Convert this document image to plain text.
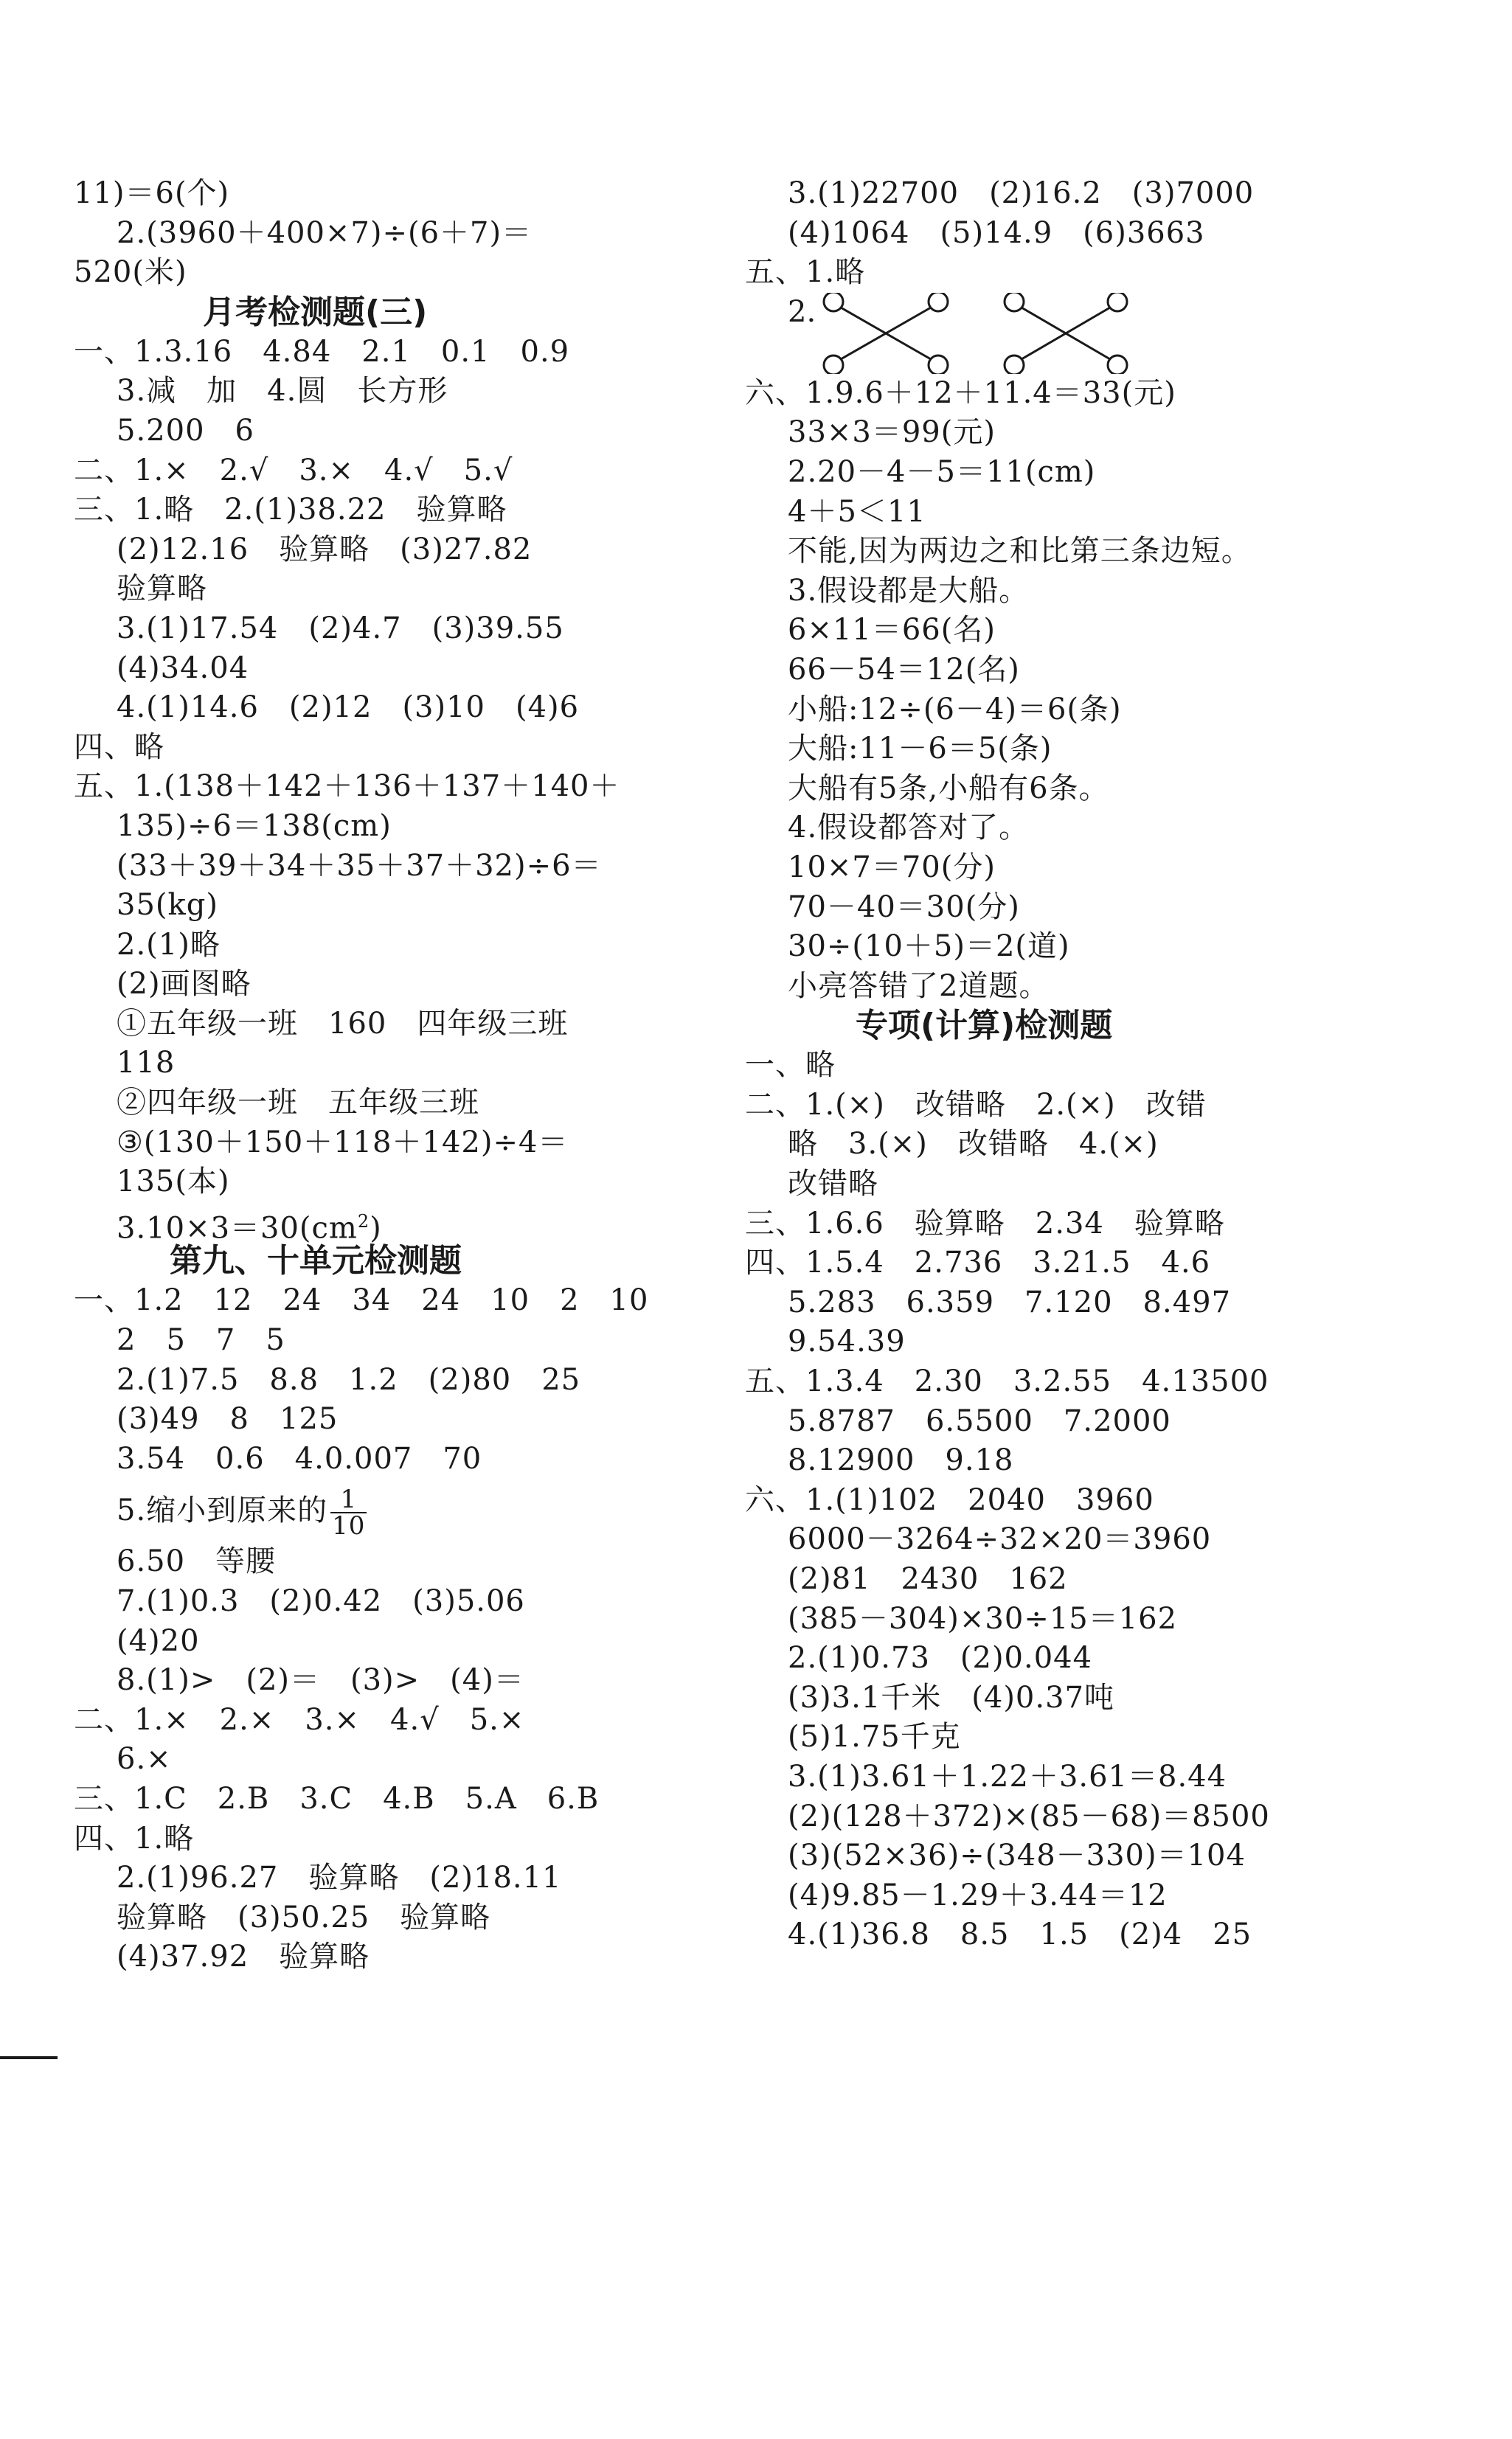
11)＝6(个)
2.(3960＋400×7)÷(6＋7)＝
520(米)
月考检测题(三)
一、1.3.16　4.84　2.1　0.1　0.9
3.减　加　4.圆　长方形
5.200　6
二、1.×　2.√　3.×　4.√　5.√
三、1.略　2.(1)38.22　验算略
(2)12.16　验算略　(3)27.82
验算略
3.(1)17.54　(2)4.7　(3)39.55
(4)34.04
4.(1)14.6　(2)12　(3)10　(4)6
四、略
五、1.(138＋142＋136＋137＋140＋
135)÷6＝138(cm)
(33＋39＋34＋35＋37＋32)÷6＝
35(kg)
2.(1)略
(2)画图略
①五年级一班　160　四年级三班
118
②四年级一班　五年级三班
③(130＋150＋118＋142)÷4＝
135(本)
$3.10\times 3=30(cm^2)$
第九、十单元检测题
一、1.2　12　24　34　24　10　2　10
2　5　7　5
2.(1)7.5　8.8　1.2　(2)80　25
(3)49　8　125
3.54　0.6　4.0.007　70
5.缩小到原来的 $\frac{1}{10}$
6.50　等腰
7.(1)0.3　(2)0.42　(3)5.06
(4)20
8.(1)>　(2)＝　(3)>　(4)＝
二、1.×　2.×　3.×　4.√　5.×
6.×
三、1.C　2.B　3.C　4.B　5.A　6.B
四、1.略
2.(1)96.27　验算略　(2)18.11
验算略　(3)50.25　验算略
(4)37.92　验算略
3.(1)22700　(2)16.2　(3)7000
(4)1064　(5)14.9　(6)3663
五、1.略
2.
六、1.9.6＋12＋11.4＝33(元)
33×3＝99(元)
2.20－4－5＝11(cm)
4＋5＜11
不能,因为两边之和比第三条边短。
3.假设都是大船。
6×11＝66(名)
66－54＝12(名)
小船:12÷(6－4)＝6(条)
大船:11－6＝5(条)
大船有5条,小船有6条。
4.假设都答对了。
10×7＝70(分)
70－40＝30(分)
30÷(10＋5)＝2(道)
小亮答错了2道题。
专项(计算)检测题
一、略
二、1.(×)　改错略　2.(×)　改错
略　3.(×)　改错略　4.(×)
改错略
三、1.6.6　验算略　2.34　验算略
四、1.5.4　2.736　3.21.5　4.6
5.283　6.359　7.120　8.497
9.54.39
五、1.3.4　2.30　3.2.55　4.13500
5.8787　6.5500　7.2000
8.12900　9.18
六、1.(1)102　2040　3960
6000－3264÷32×20＝3960
(2)81　2430　162
(385－304)×30÷15＝162
2.(1)0.73　(2)0.044
(3)3.1千米　(4)0.37吨
(5)1.75千克
3.(1)3.61＋1.22＋3.61＝8.44
(2)(128＋372)×(85－68)＝8500
(3)(52×36)÷(348－330)＝104
(4)9.85－1.29＋3.44＝12
4.(1)36.8　8.5　1.5　(2)4　25
